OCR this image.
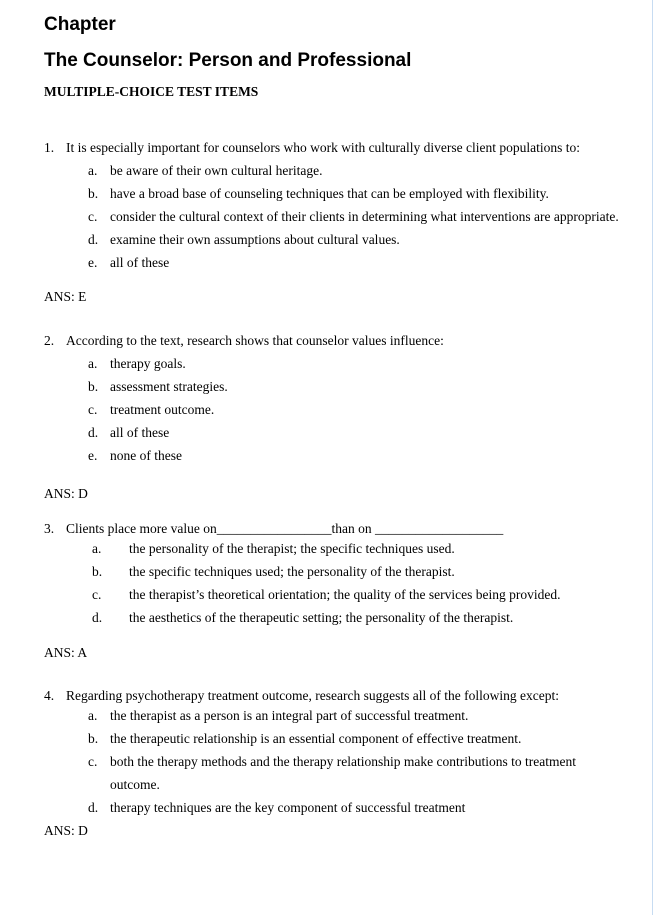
Chapter
The Counselor: Person and Professional
MULTIPLE-CHOICE TEST ITEMS
1. It is especially important for counselors who work with culturally diverse client populations to:
a. be aware of their own cultural heritage.
b. have a broad base of counseling techniques that can be employed with flexibility.
c. consider the cultural context of their clients in determining what interventions are appropriate.
d. examine their own assumptions about cultural values.
e. all of these
ANS: E
2. According to the text, research shows that counselor values influence:
a. therapy goals.
b. assessment strategies.
c. treatment outcome.
d. all of these
e. none of these
ANS: D
3. Clients place more value on_________________than on ___________________
a.	the personality of the therapist; the specific techniques used.
b.	the specific techniques used; the personality of the therapist.
c.	the therapist’s theoretical orientation; the quality of the services being provided.
d.	the aesthetics of the therapeutic setting; the personality of the therapist.
ANS: A
4. Regarding psychotherapy treatment outcome, research suggests all of the following except:
a. the therapist as a person is an integral part of successful treatment.
b. the therapeutic relationship is an essential component of effective treatment.
c. both the therapy methods and the therapy relationship make contributions to treatment outcome.
d. therapy techniques are the key component of successful treatment
ANS: D
